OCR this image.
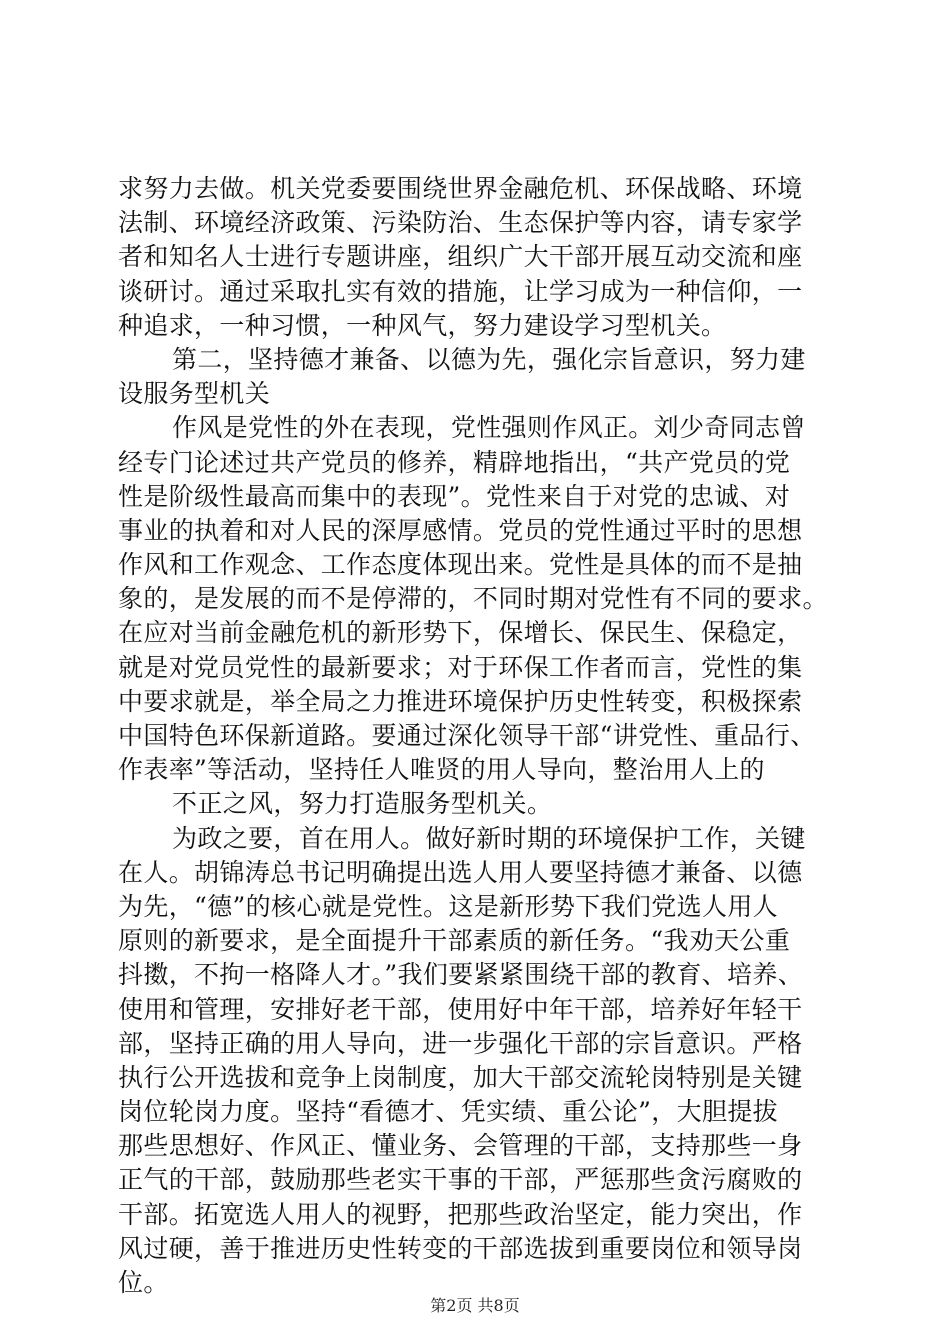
求努力去做。机关党委要围绕世界金融危机、环保战略、环境
法制、环境经济政策、污染防治、生态保护等内容，请专家学
者和知名人士进行专题讲座，组织广大干部开展互动交流和座
谈研讨。通过采取扎实有效的措施，让学习成为一种信仰，一
种追求，一种习惯，一种风气，努力建设学习型机关。
第二，坚持德才兼备、以德为先，强化宗旨意识，努力建
设服务型机关
作风是党性的外在表现，党性强则作风正。刘少奇同志曾
经专门论述过共产党员的修养，精辟地指出，“共产党员的党
性是阶级性最高而集中的表现”。党性来自于对党的忠诚、对
事业的执着和对人民的深厚感情。党员的党性通过平时的思想
作风和工作观念、工作态度体现出来。党性是具体的而不是抽
象的，是发展的而不是停滞的，不同时期对党性有不同的要求。
在应对当前金融危机的新形势下，保增长、保民生、保稳定，
就是对党员党性的最新要求；对于环保工作者而言，党性的集
中要求就是，举全局之力推进环境保护历史性转变，积极探索
中国特色环保新道路。要通过深化领导干部“讲党性、重品行、
作表率”等活动，坚持任人唯贤的用人导向，整治用人上的
不正之风，努力打造服务型机关。
为政之要，首在用人。做好新时期的环境保护工作，关键
在人。胡锦涛总书记明确提出选人用人要坚持德才兼备、以德
为先，“德”的核心就是党性。这是新形势下我们党选人用人
原则的新要求，是全面提升干部素质的新任务。“我劝天公重
抖擞，不拘一格降人才。”我们要紧紧围绕干部的教育、培养、
使用和管理，安排好老干部，使用好中年干部，培养好年轻干
部，坚持正确的用人导向，进一步强化干部的宗旨意识。严格
执行公开选拔和竞争上岗制度，加大干部交流轮岗特别是关键
岗位轮岗力度。坚持“看德才、凭实绩、重公论”，大胆提拔
那些思想好、作风正、懂业务、会管理的干部，支持那些一身
正气的干部，鼓励那些老实干事的干部，严惩那些贪污腐败的
干部。拓宽选人用人的视野，把那些政治坚定，能力突出，作
风过硬，善于推进历史性转变的干部选拔到重要岗位和领导岗
位。
第2页 共8页
